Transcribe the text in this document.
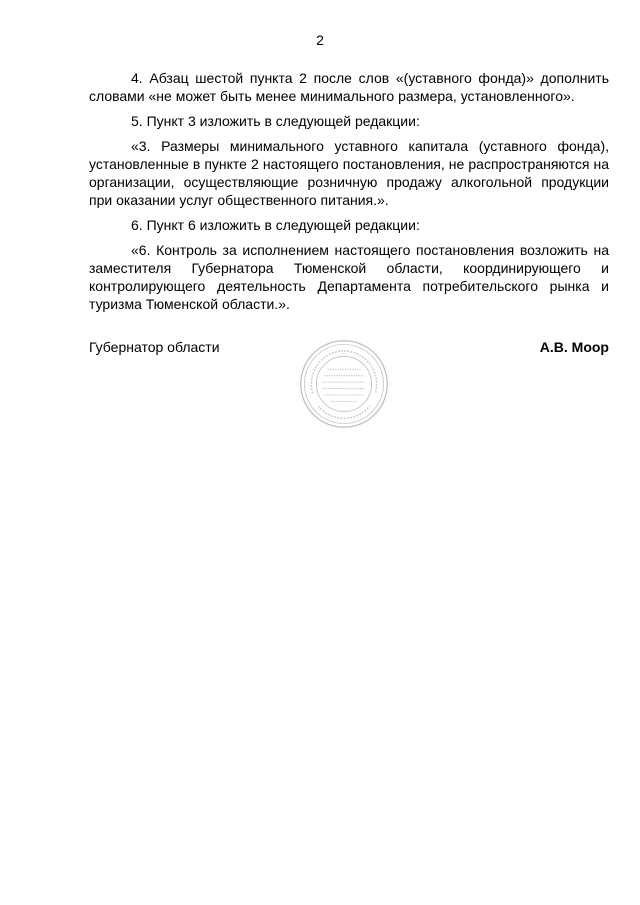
2

4. Абзац шестой пункта 2 после слов «(уставного фонда)» дополнить словами «не может быть менее минимального размера, установленного».

5. Пункт 3 изложить в следующей редакции:

«3. Размеры минимального уставного капитала (уставного фонда), установленные в пункте 2 настоящего постановления, не распространяются на организации, осуществляющие розничную продажу алкогольной продукции при оказании услуг общественного питания.».

6. Пункт 6 изложить в следующей редакции:

«6. Контроль за исполнением настоящего постановления возложить на заместителя Губернатора Тюменской области, координирующего и контролирующего деятельность Департамента потребительского рынка и туризма Тюменской области.».

Губернатор области	А.В. Моор
